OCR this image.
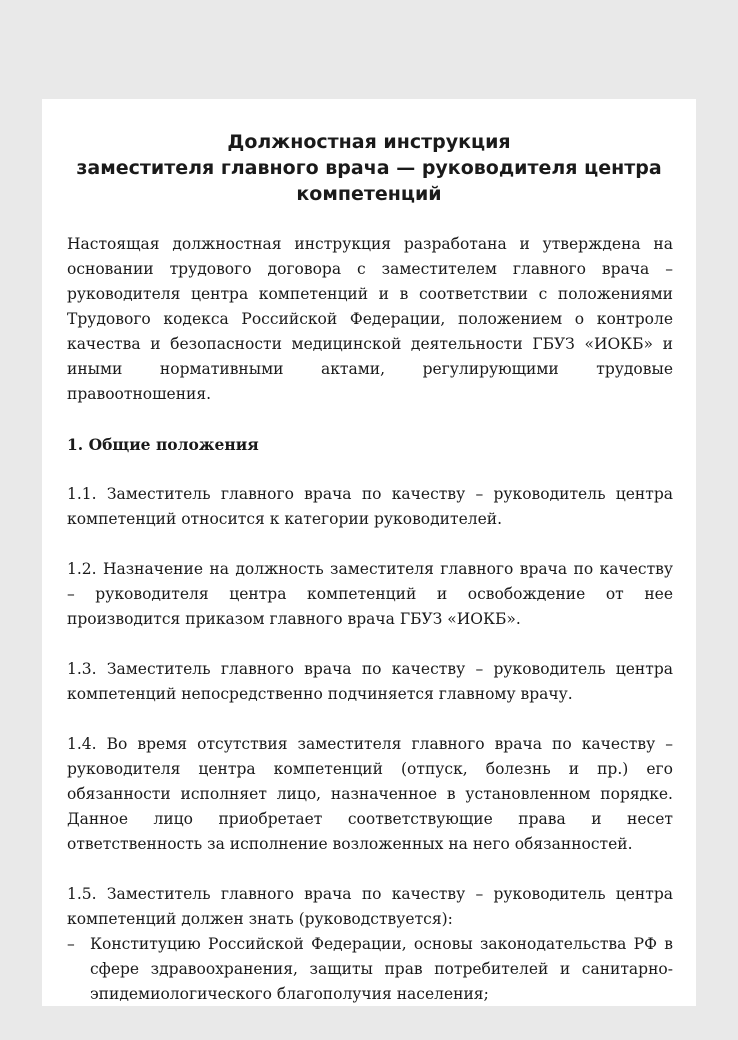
Должностная инструкция
заместителя главного врача — руководителя центра
компетенций

Настоящая должностная инструкция разработана и утверждена на основании трудового договора с заместителем главного врача – руководителя центра компетенций и в соответствии с положениями Трудового кодекса Российской Федерации, положением о контроле качества и безопасности медицинской деятельности ГБУЗ «ИОКБ» и иными нормативными актами, регулирующими трудовые правоотношения.

1. Общие положения

1.1. Заместитель главного врача по качеству – руководитель центра компетенций относится к категории руководителей.

1.2. Назначение на должность заместителя главного врача по качеству – руководителя центра компетенций и освобождение от нее производится приказом главного врача ГБУЗ «ИОКБ».

1.3. Заместитель главного врача по качеству – руководитель центра компетенций непосредственно подчиняется главному врачу.

1.4. Во время отсутствия заместителя главного врача по качеству – руководителя центра компетенций (отпуск, болезнь и пр.) его обязанности исполняет лицо, назначенное в установленном порядке. Данное лицо приобретает соответствующие права и несет ответственность за исполнение возложенных на него обязанностей.

1.5. Заместитель главного врача по качеству – руководитель центра компетенций должен знать (руководствуется):

– Конституцию Российской Федерации, основы законодательства РФ в сфере здравоохранения, защиты прав потребителей и санитарно-эпидемиологического благополучия населения;
